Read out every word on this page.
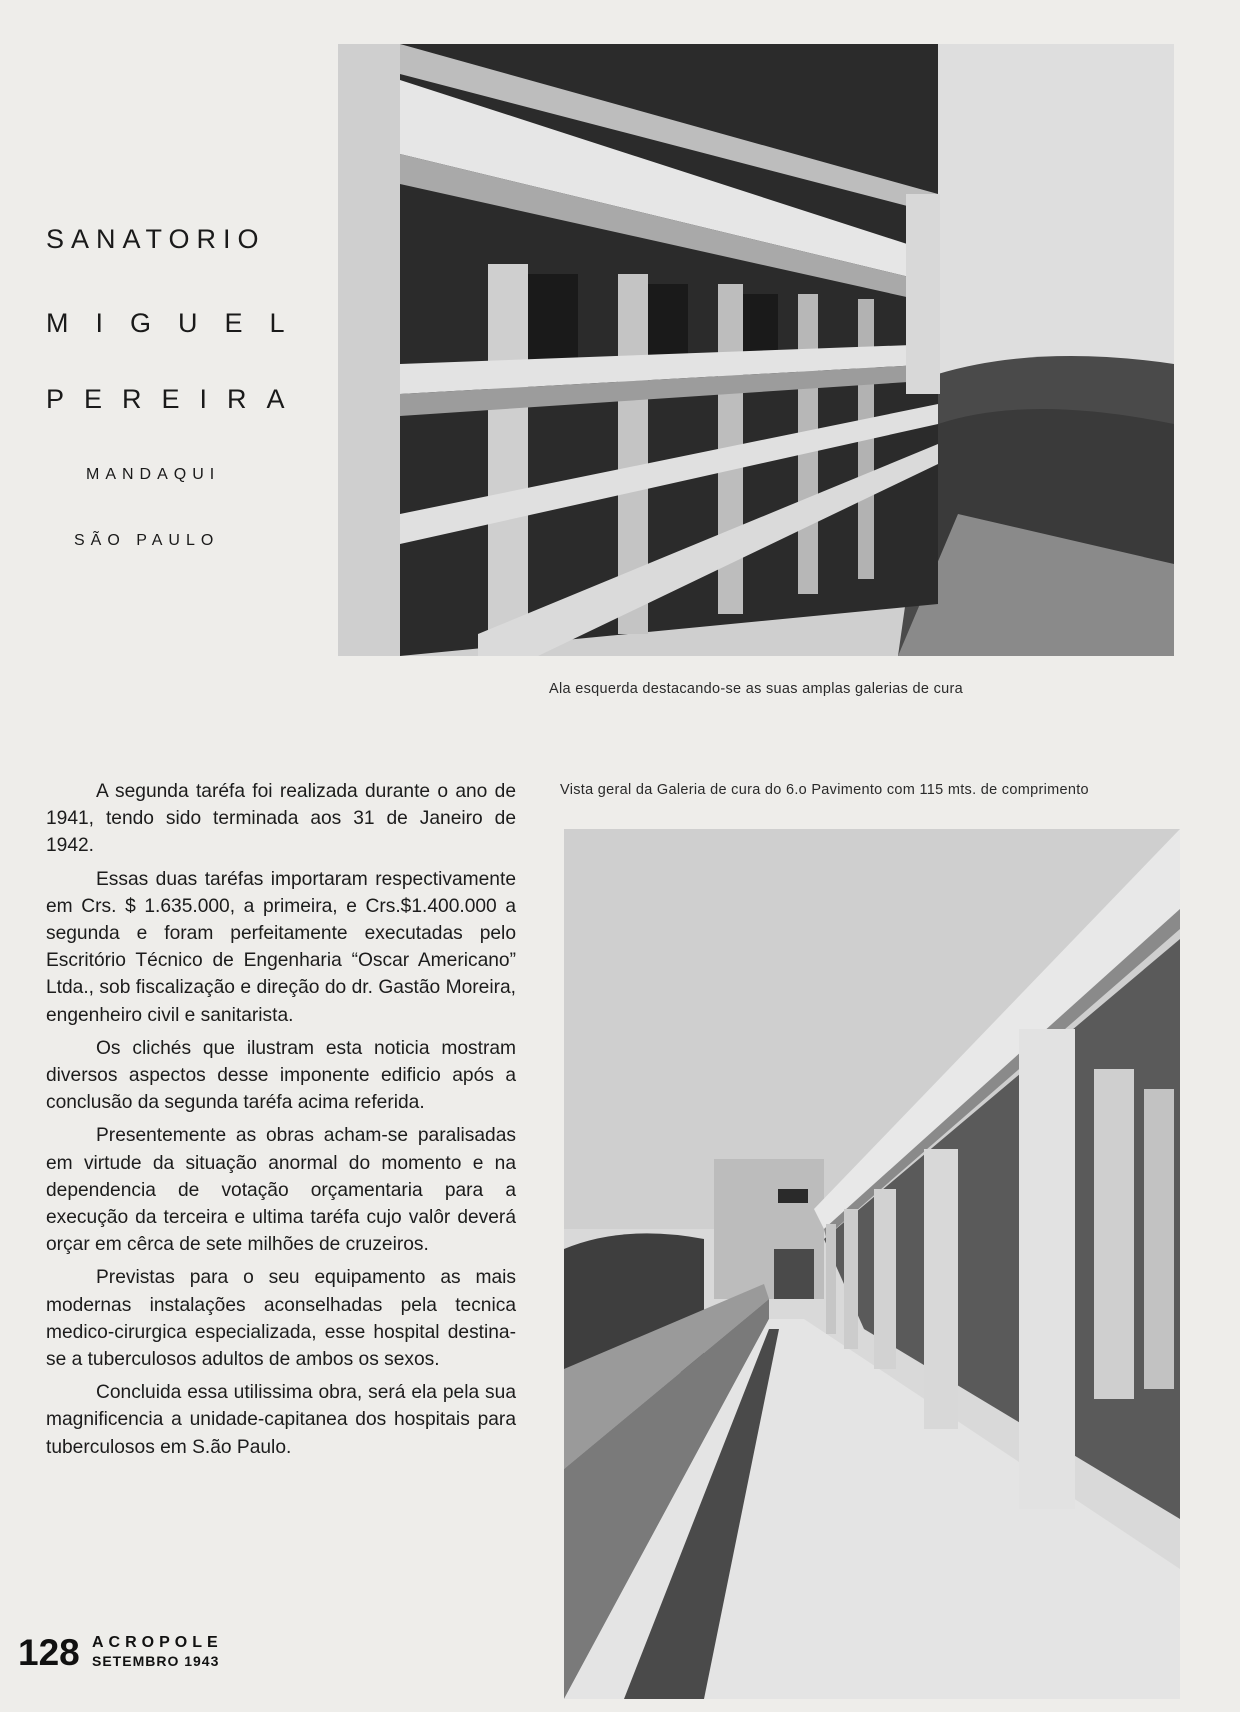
SANATORIO
MIGUEL
PEREIRA
MANDAQUI
SÃO PAULO
Ala esquerda destacando-se as suas amplas galerias de cura
Vista geral da Galeria de cura do 6.o Pavimento com 115 mts. de comprimento

A segunda taréfa foi realizada durante o ano de 1941, tendo sido terminada aos 31 de Janeiro de 1942.

Essas duas taréfas importaram respectivamente em Crs. $ 1.635.000, a primeira, e Crs.$1.400.000 a segunda e foram perfeitamente executadas pelo Escritório Técnico de Engenharia “Oscar Americano” Ltda., sob fiscalização e direção do dr. Gastão Moreira, engenheiro civil e sanitarista.

Os clichés que ilustram esta noticia mostram diversos aspectos desse imponente edificio após a conclusão da segunda taréfa acima referida.

Presentemente as obras acham-se paralisadas em virtude da situação anormal do momento e na dependencia de votação orçamentaria para a execução da terceira e ultima taréfa cujo valôr deverá orçar em cêrca de sete milhões de cruzeiros.

Previstas para o seu equipamento as mais modernas instalações aconselhadas pela tecnica medico-cirurgica especializada, esse hospital destina-se a tuberculosos adultos de ambos os sexos.

Concluida essa utilissima obra, será ela pela sua magnificencia a unidade-capitanea dos hospitais para tuberculosos em S.ão Paulo.

128 ACROPOLE
SETEMBRO 1943
